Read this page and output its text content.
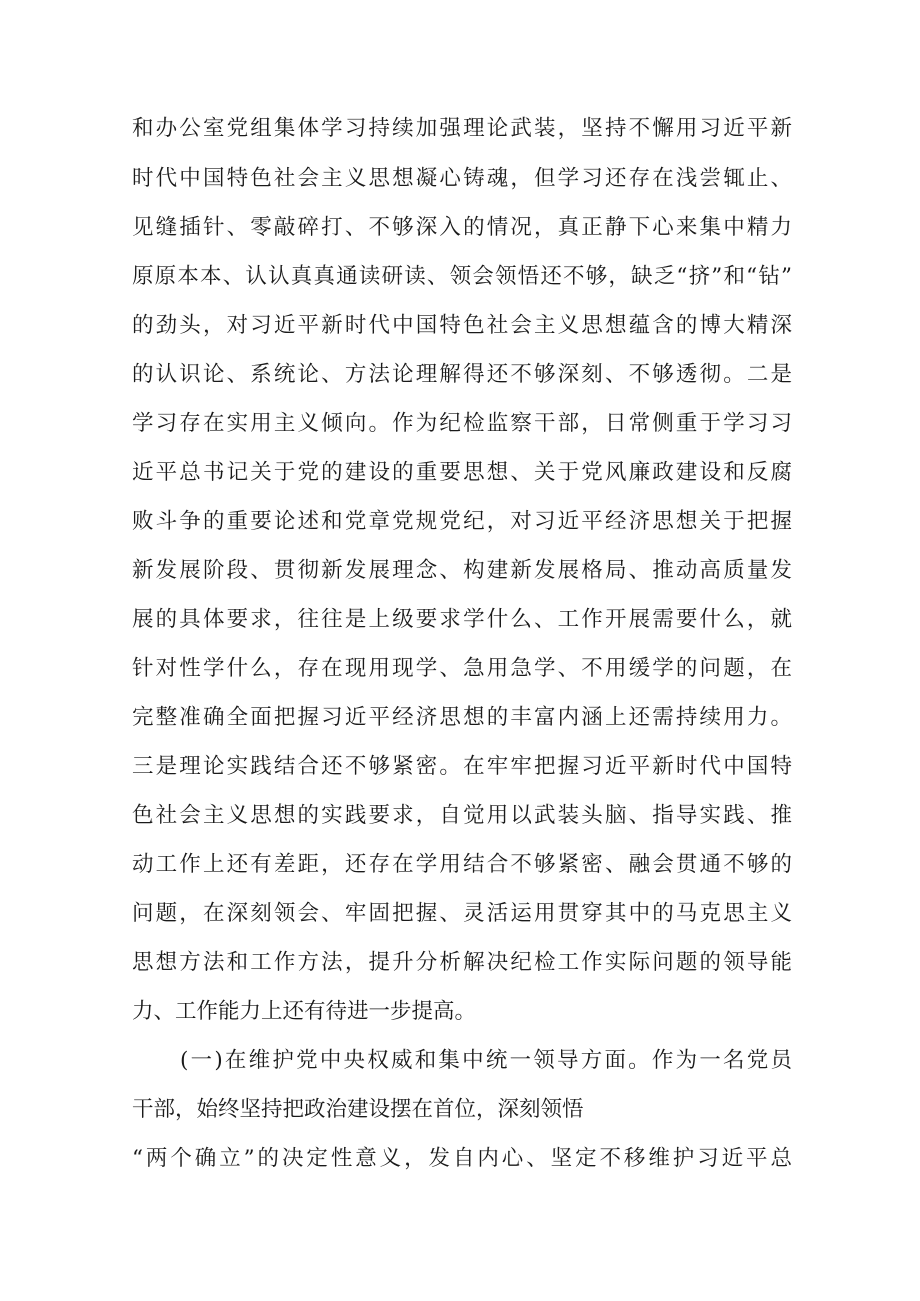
和办公室党组集体学习持续加强理论武装，坚持不懈用习近平新
时代中国特色社会主义思想凝心铸魂，但学习还存在浅尝辄止、
见缝插针、零敲碎打、不够深入的情况，真正静下心来集中精力
原原本本、认认真真通读研读、领会领悟还不够，缺乏“挤”和“钻”
的劲头，对习近平新时代中国特色社会主义思想蕴含的博大精深
的认识论、系统论、方法论理解得还不够深刻、不够透彻。二是
学习存在实用主义倾向。作为纪检监察干部，日常侧重于学习习
近平总书记关于党的建设的重要思想、关于党风廉政建设和反腐
败斗争的重要论述和党章党规党纪，对习近平经济思想关于把握
新发展阶段、贯彻新发展理念、构建新发展格局、推动高质量发
展的具体要求，往往是上级要求学什么、工作开展需要什么，就
针对性学什么，存在现用现学、急用急学、不用缓学的问题，在
完整准确全面把握习近平经济思想的丰富内涵上还需持续用力。
三是理论实践结合还不够紧密。在牢牢把握习近平新时代中国特
色社会主义思想的实践要求，自觉用以武装头脑、指导实践、推
动工作上还有差距，还存在学用结合不够紧密、融会贯通不够的
问题，在深刻领会、牢固把握、灵活运用贯穿其中的马克思主义
思想方法和工作方法，提升分析解决纪检工作实际问题的领导能
力、工作能力上还有待进一步提高。
(一)在维护党中央权威和集中统一领导方面。作为一名党员
干部，始终坚持把政治建设摆在首位，深刻领悟
“两个确立”的决定性意义，发自内心、坚定不移维护习近平总
